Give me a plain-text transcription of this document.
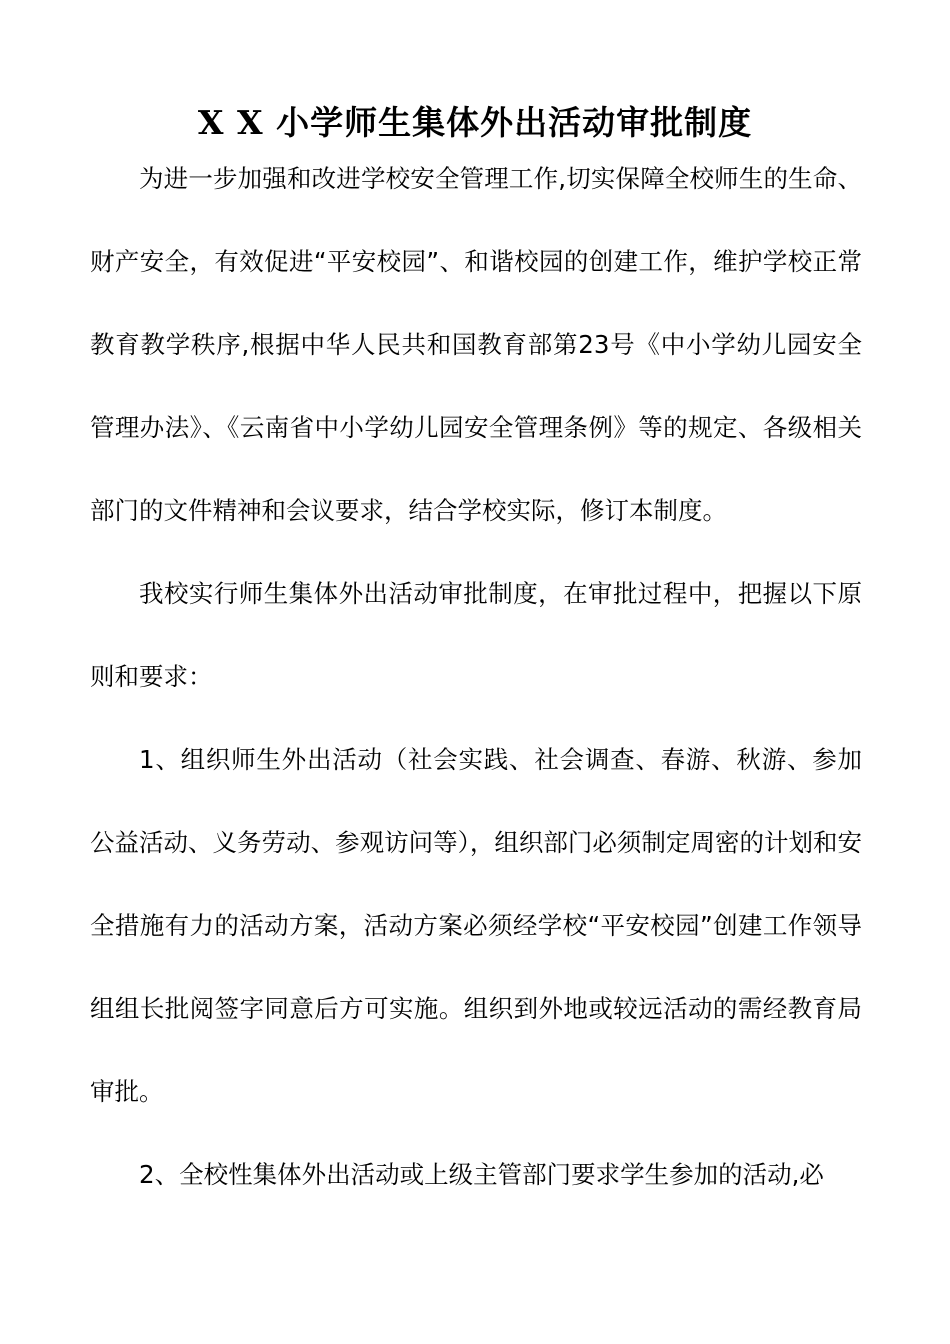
X X 小学师生集体外出活动审批制度

为进一步加强和改进学校安全管理工作,切实保障全校师生的生命、财产安全，有效促进“平安校园”、和谐校园的创建工作，维护学校正常教育教学秩序,根据中华人民共和国教育部第23号《中小学幼儿园安全管理办法》、《云南省中小学幼儿园安全管理条例》等的规定、各级相关部门的文件精神和会议要求，结合学校实际，修订本制度。

我校实行师生集体外出活动审批制度，在审批过程中，把握以下原则和要求：

1、组织师生外出活动（社会实践、社会调查、春游、秋游、参加公益活动、义务劳动、参观访问等），组织部门必须制定周密的计划和安全措施有力的活动方案，活动方案必须经学校“平安校园”创建工作领导组组长批阅签字同意后方可实施。组织到外地或较远活动的需经教育局审批。

2、全校性集体外出活动或上级主管部门要求学生参加的活动,必
